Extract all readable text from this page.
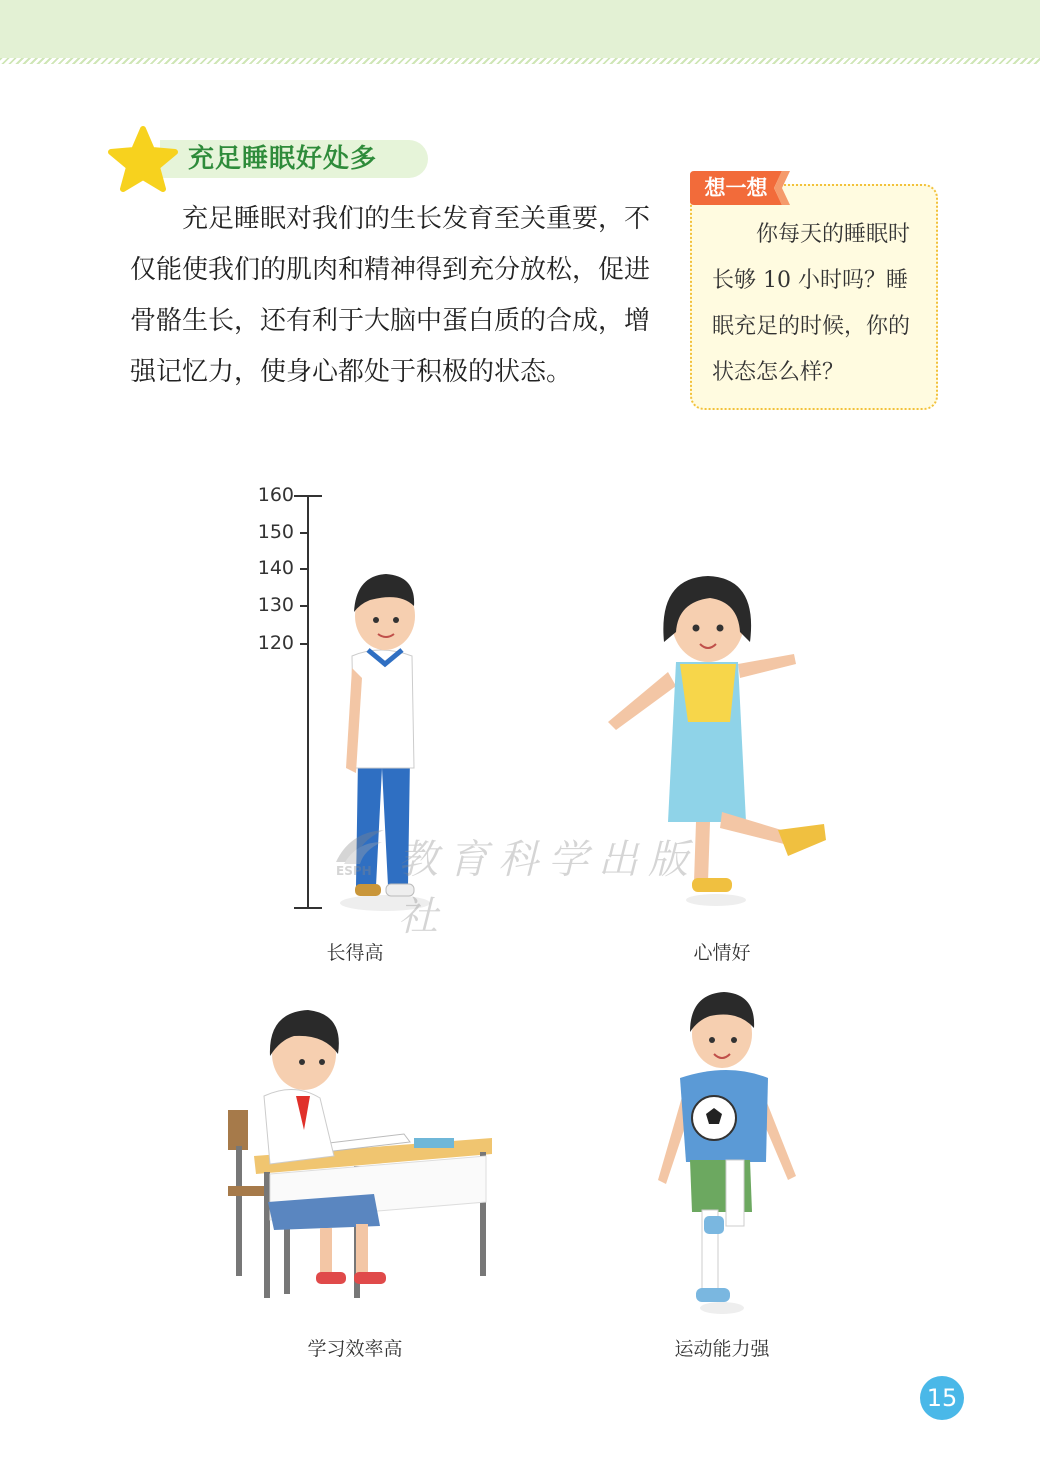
充足睡眠好处多

充足睡眠对我们的生长发育至关重要，不仅能使我们的肌肉和精神得到充分放松，促进骨骼生长，还有利于大脑中蛋白质的合成，增强记忆力，使身心都处于积极的状态。

想一想

你每天的睡眠时长够 10 小时吗？睡眠充足的时候，你的状态怎么样？

160
150
140
130
120
长得高	心情好
教育科学出版社
ESPH
学习效率高	运动能力强
15
